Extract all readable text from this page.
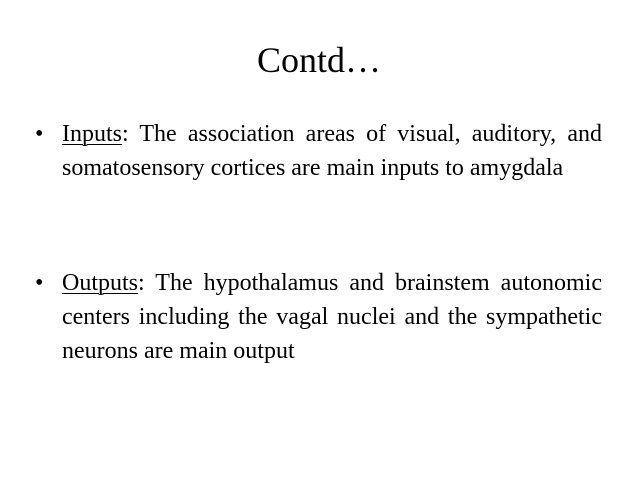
Contd…
• Inputs: The association areas of visual, auditory, and somatosensory cortices are main inputs to amygdala
• Outputs: The hypothalamus and brainstem autonomic centers including the vagal nuclei and the sympathetic neurons are main output
